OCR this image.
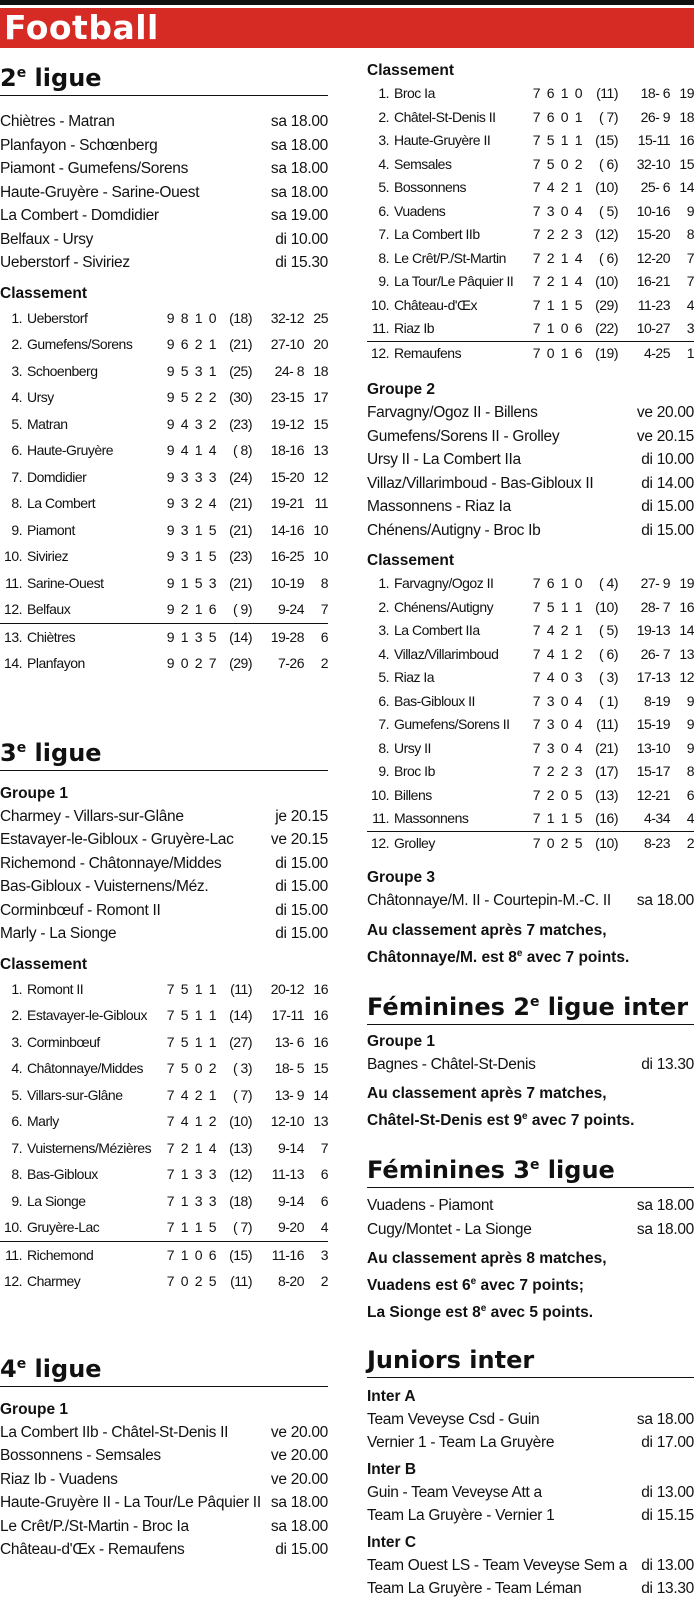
Football
2e ligue
Chiètres - Matran	sa 18.00
Planfayon - Schœnberg	sa 18.00
Piamont - Gumefens/Sorens	sa 18.00
Haute-Gruyère - Sarine-Ouest	sa 18.00
La Combert - Domdidier	sa 19.00
Belfaux - Ursy	di 10.00
Ueberstorf - Siviriez	di 15.30
Classement
1. Ueberstorf	9 8 1 0 (18)	32-12 25
2. Gumefens/Sorens	9 6 2 1 (21)	27-10 20
3. Schoenberg	9 5 3 1 (25)	24- 8 18
4. Ursy	9 5 2 2 (30)	23-15 17
5. Matran	9 4 3 2 (23)	19-12 15
6. Haute-Gruyère	9 4 1 4	( 8)	18-16 13
7. Domdidier	9 3 3 3 (24)	15-20 12
8. La Combert	9 3 2 4 (21)	19-21 11
9. Piamont	9 3 1 5 (21)	14-16 10
10. Siviriez	9 3 1 5 (23)	16-25 10
11. Sarine-Ouest	9 1 5 3 (21)	10-19	8
12. Belfaux	9 2 1 6	( 9)	9-24	7
13. Chiètres	9 1 3 5 (14)	19-28	6
14. Planfayon	9 0 2 7 (29)	7-26	2
3e ligue
Groupe 1
Charmey - Villars-sur-Glâne	je 20.15
Estavayer-le-Gibloux - Gruyère-Lac ve 20.15
Richemond - Châtonnaye/Middes	di 15.00
Bas-Gibloux - Vuisternens/Méz.	di 15.00
Corminbœuf - Romont II	di 15.00
Marly - La Sionge	di 15.00
Classement
1. Romont II	7 5 1 1	(11)	20-12 16
2. Estavayer-le-Gibloux	7 5 1 1 (14)	17-11 16
3. Corminbœuf	7 5 1 1 (27)	13- 6 16
4. Châtonnaye/Middes	7 5 0 2	( 3)	18- 5 15
5. Villars-sur-Glâne	7 4 2 1	( 7)	13- 9 14
6. Marly	7 4 1 2 (10)	12-10 13
7. Vuisternens/Mézières	7 2 1 4 (13)	9-14	7
8. Bas-Gibloux	7 1 3 3 (12)	11-13	6
9. La Sionge	7 1 3 3 (18)	9-14	6
10. Gruyère-Lac	7 1 1 5	( 7)	9-20	4
11. Richemond	7 1 0 6 (15)	11-16	3
12. Charmey	7 0 2 5	(11)	8-20	2
4e ligue
Groupe 1
La Combert IIb - Châtel-St-Denis II	ve 20.00
Bossonnens - Semsales	ve 20.00
Riaz Ib - Vuadens	ve 20.00
Haute-Gruyère II - La Tour/Le Pâquier II sa 18.00
Le Crêt/P./St-Martin - Broc Ia	sa 18.00
Château-d'Œx - Remaufens	di 15.00
Classement
1. Broc Ia	7 6 1 0	(11)	18- 6 19
2. Châtel-St-Denis II	7 6 0 1	( 7)	26- 9 18
3. Haute-Gruyère II	7 5 1 1 (15)	15-11 16
4. Semsales	7 5 0 2	( 6)	32-10 15
5. Bossonnens	7 4 2 1 (10)	25- 6 14
6. Vuadens	7 3 0 4	( 5)	10-16	9
7. La Combert IIb	7 2 2 3 (12)	15-20	8
8. Le Crêt/P./St-Martin	7 2 1 4	( 6)	12-20	7
9. La Tour/Le Pâquier II	7 2 1 4 (10)	16-21	7
10. Château-d'Œx	7 1 1 5 (29)	11-23	4
11. Riaz Ib	7 1 0 6 (22)	10-27	3
12. Remaufens	7 0 1 6 (19)	4-25	1
Groupe 2
Farvagny/Ogoz II - Billens	ve 20.00
Gumefens/Sorens II - Grolley	ve 20.15
Ursy II - La Combert IIa	di 10.00
Villaz/Villarimboud - Bas-Gibloux II	di 14.00
Massonnens - Riaz Ia	di 15.00
Chénens/Autigny - Broc Ib	di 15.00
Classement
1. Farvagny/Ogoz II	7 6 1 0	( 4)	27- 9 19
2. Chénens/Autigny	7 5 1 1 (10)	28- 7 16
3. La Combert IIa	7 4 2 1	( 5)	19-13 14
4. Villaz/Villarimboud	7 4 1 2	( 6)	26- 7 13
5. Riaz Ia	7 4 0 3	( 3)	17-13 12
6. Bas-Gibloux II	7 3 0 4	( 1)	8-19	9
7. Gumefens/Sorens II	7 3 0 4	(11)	15-19	9
8. Ursy II	7 3 0 4 (21)	13-10	9
9. Broc Ib	7 2 2 3 (17)	15-17	8
10. Billens	7 2 0 5 (13)	12-21	6
11. Massonnens	7 1 1 5 (16)	4-34	4
12. Grolley	7 0 2 5 (10)	8-23	2
Groupe 3
Châtonnaye/M. II - Courtepin-M.-C. II sa 18.00
Au classement après 7 matches,
Châtonnaye/M. est 8e avec 7 points.
Féminines 2e ligue inter
Groupe 1
Bagnes - Châtel-St-Denis	di 13.30
Au classement après 7 matches,
Châtel-St-Denis est 9e avec 7 points.
Féminines 3e ligue
Vuadens - Piamont	sa 18.00
Cugy/Montet - La Sionge	sa 18.00
Au classement après 8 matches,
Vuadens est 6e avec 7 points;
La Sionge est 8e avec 5 points.
Juniors inter
Inter A
Team Veveyse Csd - Guin	sa 18.00
Vernier 1 - Team La Gruyère	di 17.00
Inter B
Guin - Team Veveyse Att a	di 13.00
Team La Gruyère - Vernier 1	di 15.15
Inter C
Team Ouest LS - Team Veveyse Sem a di 13.00
Team La Gruyère - Team Léman	di 13.30
